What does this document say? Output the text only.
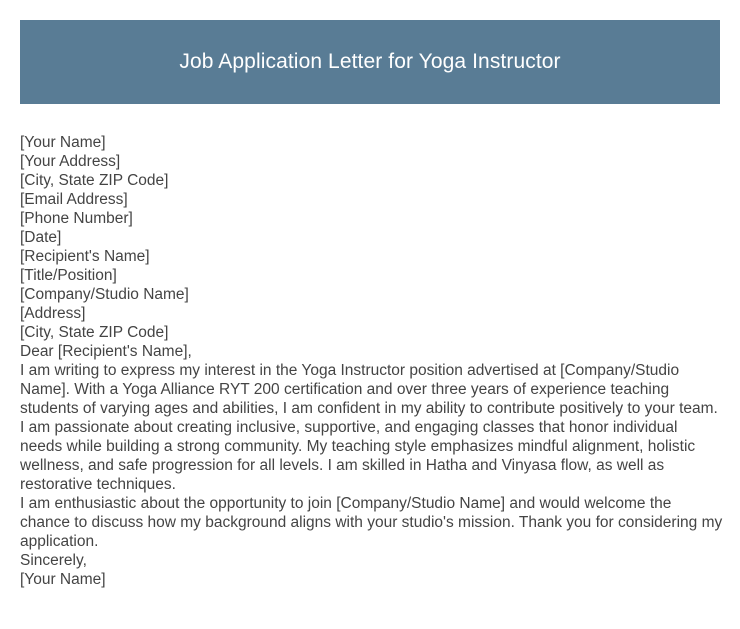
Job Application Letter for Yoga Instructor
[Your Name]
[Your Address]
[City, State ZIP Code]
[Email Address]
[Phone Number]
[Date]
[Recipient's Name]
[Title/Position]
[Company/Studio Name]
[Address]
[City, State ZIP Code]
Dear [Recipient's Name],

I am writing to express my interest in the Yoga Instructor position advertised at [Company/Studio Name]. With a Yoga Alliance RYT 200 certification and over three years of experience teaching students of varying ages and abilities, I am confident in my ability to contribute positively to your team.

I am passionate about creating inclusive, supportive, and engaging classes that honor individual needs while building a strong community. My teaching style emphasizes mindful alignment, holistic wellness, and safe progression for all levels. I am skilled in Hatha and Vinyasa flow, as well as restorative techniques.

I am enthusiastic about the opportunity to join [Company/Studio Name] and would welcome the chance to discuss how my background aligns with your studio's mission. Thank you for considering my application.

Sincerely,
[Your Name]
